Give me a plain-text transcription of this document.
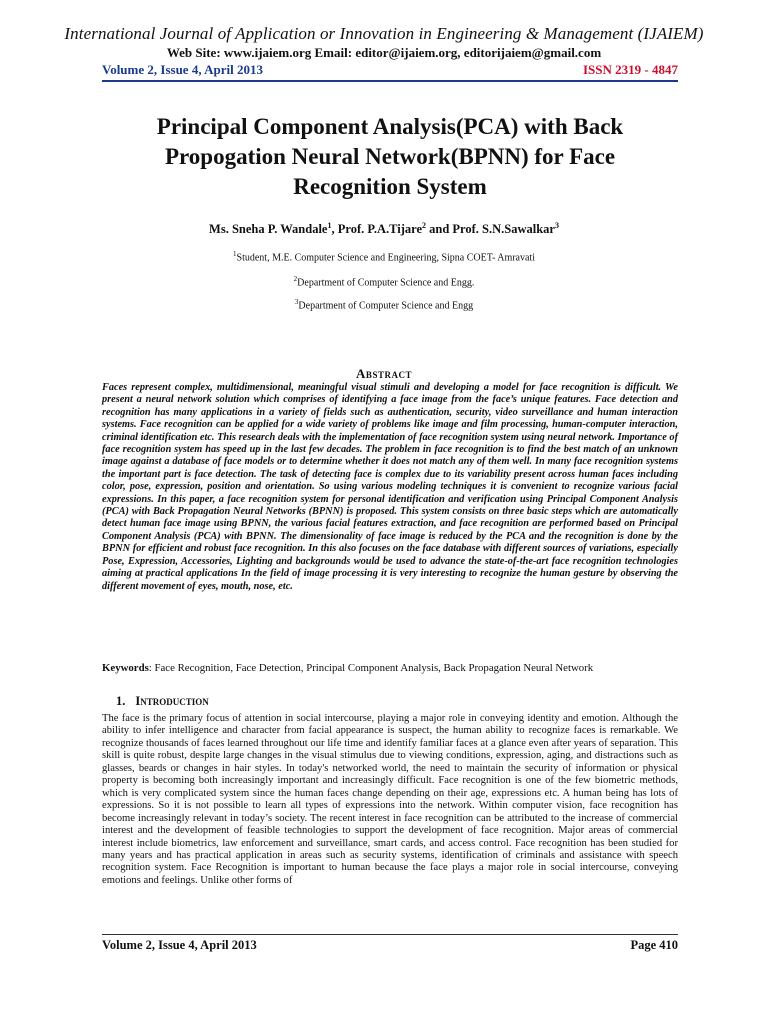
International Journal of Application or Innovation in Engineering & Management (IJAIEM)
Web Site: www.ijaiem.org Email: editor@ijaiem.org, editorijaiem@gmail.com
Volume 2, Issue 4, April 2013	ISSN 2319 - 4847
Principal Component Analysis(PCA) with Back Propogation Neural Network(BPNN) for Face Recognition System
Ms. Sneha P. Wandale$^1$, Prof. P.A.Tijare$^2$ and Prof. S.N.Sawalkar$^3$
$^1$Student, M.E. Computer Science and Engineering, Sipna COET- Amravati
$^2$Department of Computer Science and Engg.
$^3$Department of Computer Science and Engg
Abstract
Faces represent complex, multidimensional, meaningful visual stimuli and developing a model for face recognition is difficult. We present a neural network solution which comprises of identifying a face image from the face’s unique features. Face detection and recognition has many applications in a variety of fields such as authentication, security, video surveillance and human interaction systems. Face recognition can be applied for a wide variety of problems like image and film processing, human-computer interaction, criminal identification etc. This research deals with the implementation of face recognition system using neural network. Importance of face recognition system has speed up in the last few decades. The problem in face recognition is to find the best match of an unknown image against a database of face models or to determine whether it does not match any of them well. In many face recognition systems the important part is face detection. The task of detecting face is complex due to its variability present across human faces including color, pose, expression, position and orientation. So using various modeling techniques it is convenient to recognize various facial expressions. In this paper, a face recognition system for personal identification and verification using Principal Component Analysis (PCA) with Back Propagation Neural Networks (BPNN) is proposed. This system consists on three basic steps which are automatically detect human face image using BPNN, the various facial features extraction, and face recognition are performed based on Principal Component Analysis (PCA) with BPNN. The dimensionality of face image is reduced by the PCA and the recognition is done by the BPNN for efficient and robust face recognition. In this also focuses on the face database with different sources of variations, especially Pose, Expression, Accessories, Lighting and backgrounds would be used to advance the state-of-the-art face recognition technologies aiming at practical applications In the field of image processing it is very interesting to recognize the human gesture by observing the different movement of eyes, mouth, nose, etc.
Keywords: Face Recognition, Face Detection, Principal Component Analysis, Back Propagation Neural Network
1. Introduction
The face is the primary focus of attention in social intercourse, playing a major role in conveying identity and emotion. Although the ability to infer intelligence and character from facial appearance is suspect, the human ability to recognize faces is remarkable. We recognize thousands of faces learned throughout our life time and identify familiar faces at a glance even after years of separation. This skill is quite robust, despite large changes in the visual stimulus due to viewing conditions, expression, aging, and distractions such as glasses, beards or changes in hair styles. In today's networked world, the need to maintain the security of information or physical property is becoming both increasingly important and increasingly difficult. Face recognition is one of the few biometric methods, which is very complicated system since the human faces change depending on their age, expressions etc. A human being has lots of expressions. So it is not possible to learn all types of expressions into the network. Within computer vision, face recognition has become increasingly relevant in today’s society. The recent interest in face recognition can be attributed to the increase of commercial interest and the development of feasible technologies to support the development of face recognition. Major areas of commercial interest include biometrics, law enforcement and surveillance, smart cards, and access control. Face recognition has been studied for many years and has practical application in areas such as security systems, identification of criminals and assistance with speech recognition system. Face Recognition is important to human because the face plays a major role in social intercourse, conveying emotions and feelings. Unlike other forms of
Volume 2, Issue 4, April 2013	Page 410
